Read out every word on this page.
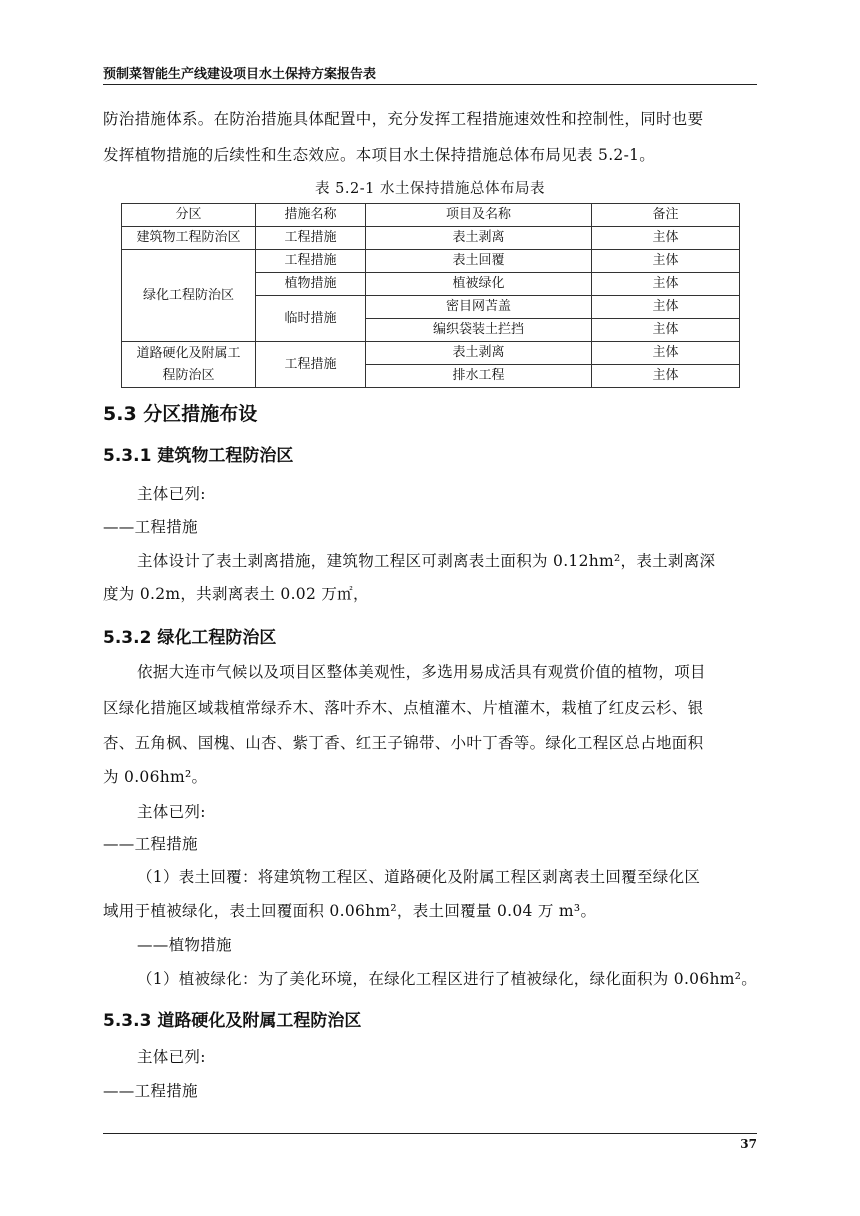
预制菜智能生产线建设项目水土保持方案报告表
防治措施体系。在防治措施具体配置中，充分发挥工程措施速效性和控制性，同时也要
发挥植物措施的后续性和生态效应。本项目水土保持措施总体布局见表 5.2-1。
表 5.2-1 水土保持措施总体布局表
分区	措施名称	项目及名称	备注
建筑物工程防治区	工程措施	表土剥离	主体
绿化工程防治区	工程措施	表土回覆	主体
	植物措施	植被绿化	主体
	临时措施	密目网苫盖	主体
		编织袋装土拦挡	主体

道路硬化及附属工
程防治区	工程措施	表土剥离	主体
		排水工程	主体
5.3 分区措施布设
5.3.1 建筑物工程防治区
主体已列:
——工程措施
主体设计了表土剥离措施，建筑物工程区可剥离表土面积为 0.12hm²，表土剥离深
度为 0.2m，共剥离表土 0.02 万㎡，
5.3.2 绿化工程防治区
依据大连市气候以及项目区整体美观性，多选用易成活具有观赏价值的植物，项目
区绿化措施区域栽植常绿乔木、落叶乔木、点植灌木、片植灌木，栽植了红皮云杉、银
杏、五角枫、国槐、山杏、紫丁香、红王子锦带、小叶丁香等。绿化工程区总占地面积
为 0.06hm²。
主体已列:
——工程措施
（1）表土回覆：将建筑物工程区、道路硬化及附属工程区剥离表土回覆至绿化区
域用于植被绿化，表土回覆面积 0.06hm²，表土回覆量 0.04 万 m³。
——植物措施
（1）植被绿化：为了美化环境，在绿化工程区进行了植被绿化，绿化面积为 0.06hm²。
5.3.3 道路硬化及附属工程防治区
主体已列:
——工程措施
37
